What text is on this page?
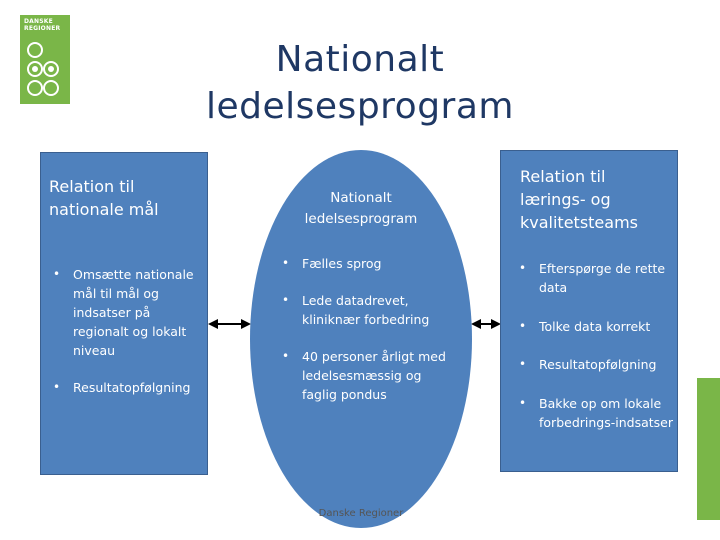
DANSKE REGIONER
Nationalt ledelsesprogram
Relation til nationale mål
• Omsætte nationale mål til mål og indsatser på regionalt og lokalt niveau
• Resultatopfølgning
Nationalt ledelsesprogram
• Fælles sprog
• Lede datadrevet, kliniknær forbedring
• 40 personer årligt med ledelsesmæssig og faglig pondus
Relation til lærings- og kvalitetsteams
• Efterspørge de rette data
• Tolke data korrekt
• Resultatopfølgning
• Bakke op om lokale forbedrings-indsatser
Danske Regioner
